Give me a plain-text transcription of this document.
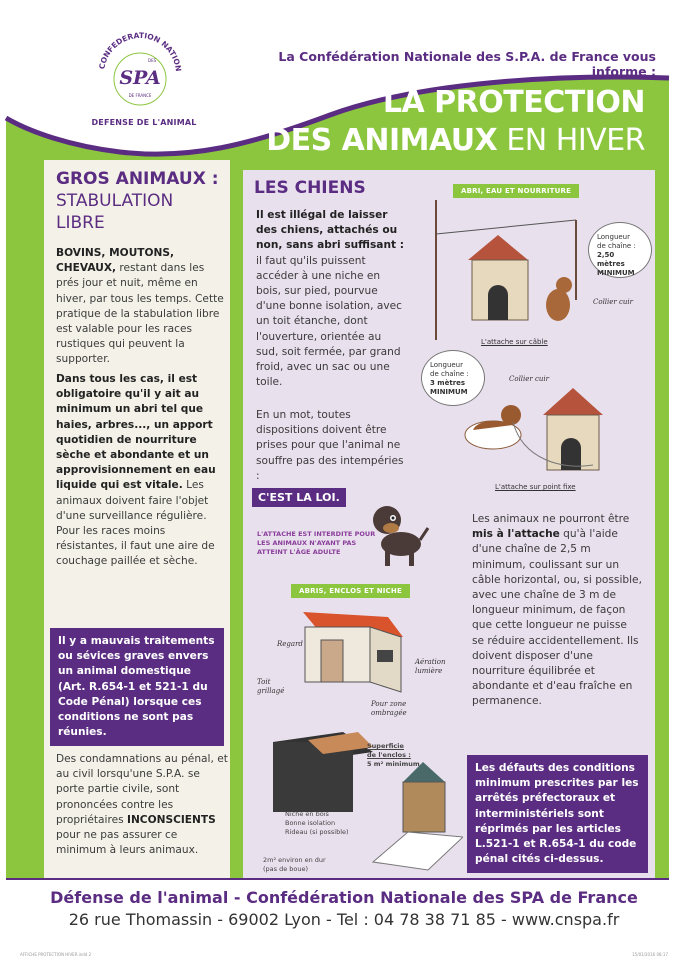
CONFEDERATION NATION
DES
SPA
DE FRANCE
DEFENSE DE L'ANIMAL
La Confédération Nationale des S.P.A. de France vous informe :
LA PROTECTION
DES ANIMAUX EN HIVER
GROS ANIMAUX :
STABULATION LIBRE
BOVINS, MOUTONS, CHEVAUX, restant dans les prés jour et nuit, même en hiver, par tous les temps. Cette pratique de la stabulation libre est valable pour les races rustiques qui peuvent la supporter.
Dans tous les cas, il est obligatoire qu'il y ait au minimum un abri tel que haies, arbres..., un apport quotidien de nourriture sèche et abondante et un approvisionnement en eau liquide qui est vitale. Les animaux doivent faire l'objet d'une surveillance régulière. Pour les races moins résistantes, il faut une aire de couchage paillée et sèche.
Il y a mauvais traitements ou sévices graves envers un animal domestique (Art. R.654-1 et 521-1 du Code Pénal) lorsque ces conditions ne sont pas réunies.
Des condamnations au pénal, et au civil lorsqu'une S.P.A. se porte partie civile, sont prononcées contre les propriétaires INCONSCIENTS pour ne pas assurer ce minimum à leurs animaux.
LES CHIENS
Il est illégal de laisser des chiens, attachés ou non, sans abri suffisant : il faut qu'ils puissent accéder à une niche en bois, sur pied, pourvue d'une bonne isolation, avec un toit étanche, dont l'ouverture, orientée au sud, soit fermée, par grand froid, avec un sac ou une toile.
En un mot, toutes dispositions doivent être prises pour que l'animal ne souffre pas des intempéries :
C'EST LA LOI.
L'ATTACHE EST INTERDITE POUR LES ANIMAUX N'AYANT PAS ATTEINT L'ÂGE ADULTE
ABRI, EAU ET NOURRITURE
Longueur
de chaîne :
2,50 mètres
MINIMUM
Collier cuir
L'attache sur câble
Longueur
de chaîne :
3 mètres
MINIMUM
Collier cuir
L'attache sur point fixe
Les animaux ne pourront être mis à l'attache qu'à l'aide d'une chaîne de 2,5 m minimum, coulissant sur un câble horizontal, ou, si possible, avec une chaîne de 3 m de longueur minimum, de façon que cette longueur ne puisse se réduire accidentellement. Ils doivent disposer d'une nourriture équilibrée et abondante et d'eau fraîche en permanence.
ABRIS, ENCLOS ET NICHE
Regard
Aération lumière
Toit grillagé
Pour zone ombragée
Superficie
de l'enclos :
5 m² minimum
Niche en bois
Bonne isolation
Rideau (si possible)
2m² environ en dur
(pas de boue)
Les défauts des conditions minimum prescrites par les arrêtés préfectoraux et interministériels sont réprimés par les articles L.521-1 et R.654-1 du code pénal cités ci-dessus.
Défense de l'animal - Confédération Nationale des SPA de France
26 rue Thomassin - 69002 Lyon - Tel : 04 78 38 71 85 - www.cnspa.fr
AFFICHE PROTECTION HIVER.indd 2	15/01/2016 08:17
